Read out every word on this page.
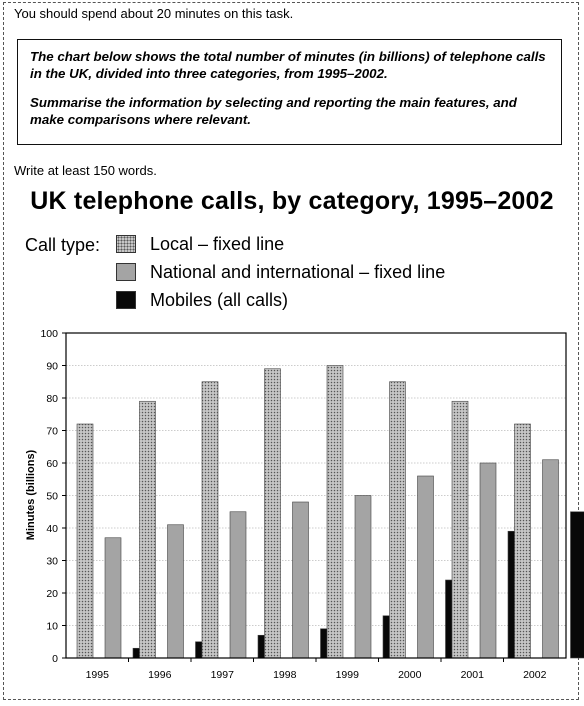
You should spend about 20 minutes on this task.

The chart below shows the total number of minutes (in billions) of telephone calls in the UK, divided into three categories, from 1995–2002.

Summarise the information by selecting and reporting the main features, and make comparisons where relevant.

Write at least 150 words.
UK telephone calls, by category, 1995–2002
Call type:	Local – fixed line
National and international – fixed line
Mobiles (all calls)
0
10
20
30
40
50
60
70
80
90
100
1995	1996	1997	1998	1999	2000	2001	2002
Minutes (billions)
